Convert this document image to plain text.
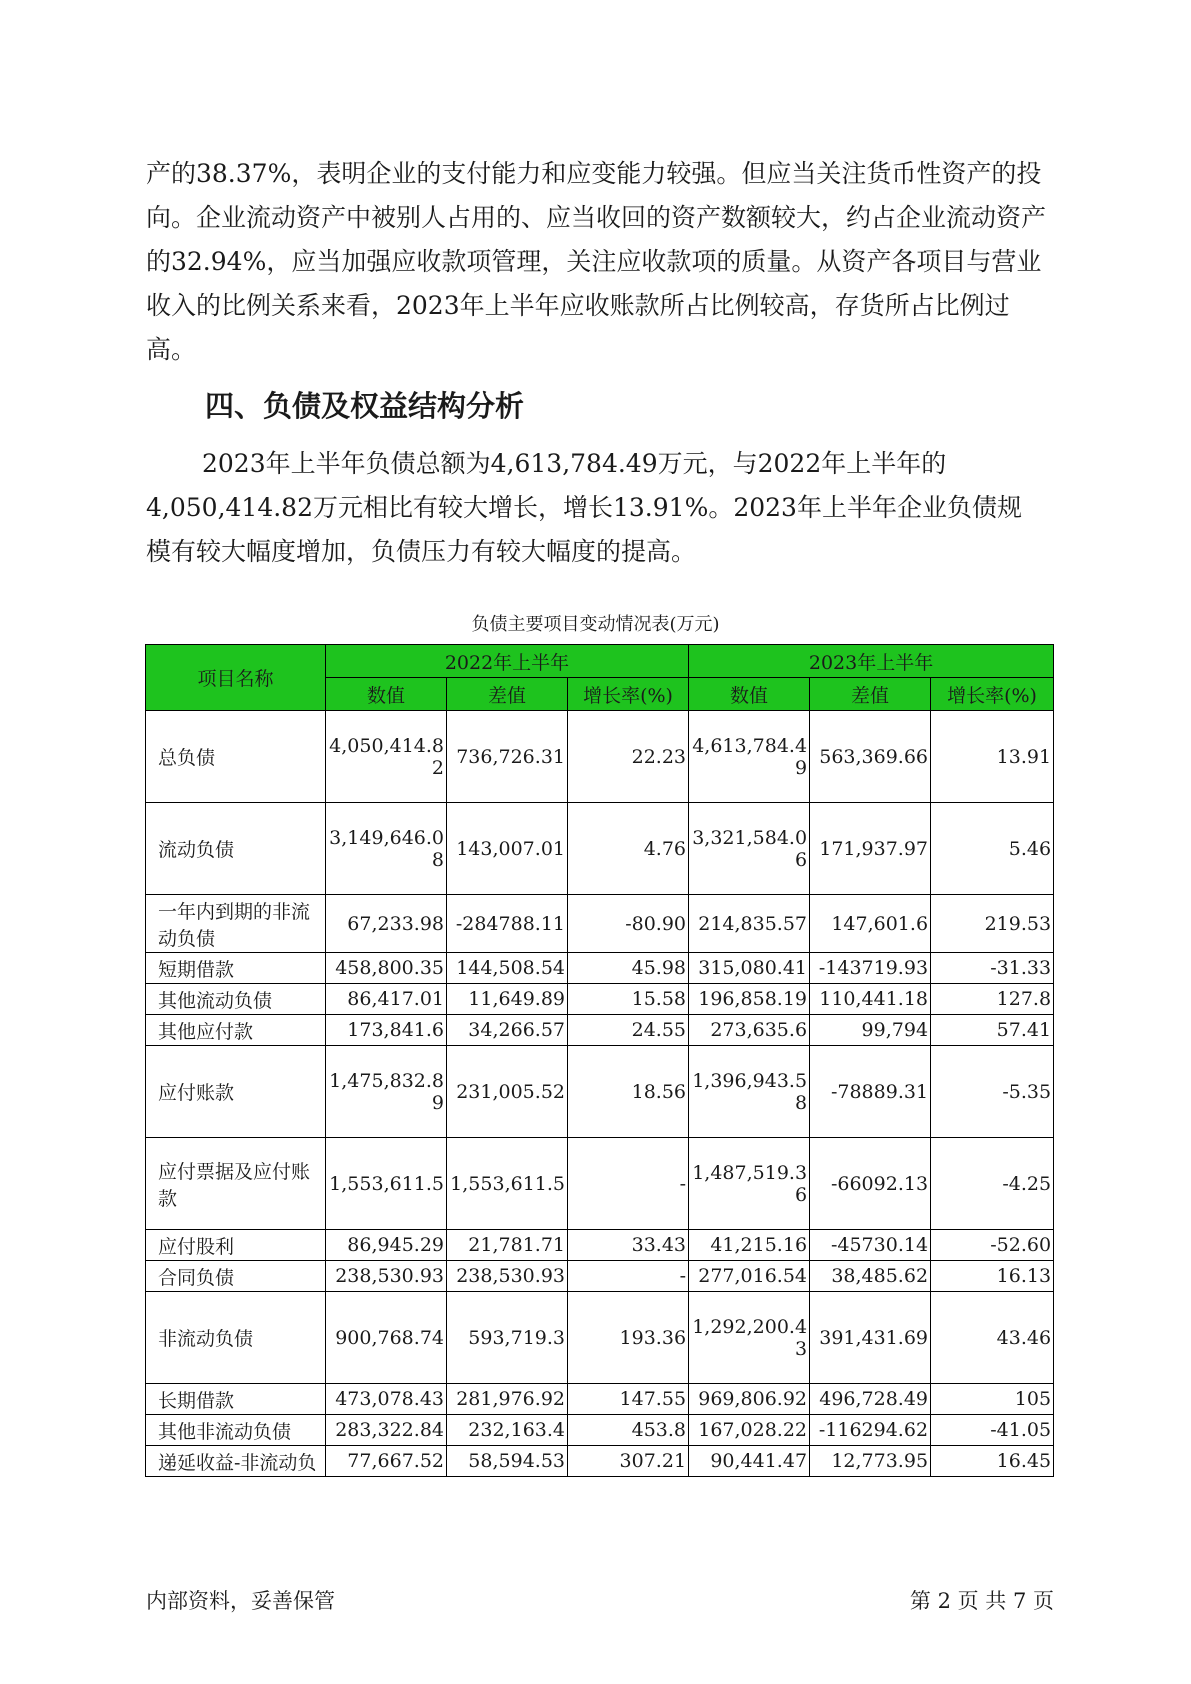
产的38.37%，表明企业的支付能力和应变能力较强。但应当关注货币性资产的投向。企业流动资产中被别人占用的、应当收回的资产数额较大，约占企业流动资产的32.94%，应当加强应收款项管理，关注应收款项的质量。从资产各项目与营业收入的比例关系来看，2023年上半年应收账款所占比例较高，存货所占比例过高。

四、负债及权益结构分析

2023年上半年负债总额为4,613,784.49万元，与2022年上半年的4,050,414.82万元相比有较大增长，增长13.91%。2023年上半年企业负债规模有较大幅度增加，负债压力有较大幅度的提高。

负债主要项目变动情况表(万元)

项目名称	2022年上半年			2023年上半年		
	数值	差值	增长率(%)	数值	差值	增长率(%)
总负债	4,050,414.82	736,726.31	22.23	4,613,784.49	563,369.66	13.91
流动负债	3,149,646.08	143,007.01	4.76	3,321,584.06	171,937.97	5.46
一年内到期的非流动负债	67,233.98	-284788.11	-80.90	214,835.57	147,601.6	219.53
短期借款	458,800.35	144,508.54	45.98	315,080.41	-143719.93	-31.33
其他流动负债	86,417.01	11,649.89	15.58	196,858.19	110,441.18	127.8
其他应付款	173,841.6	34,266.57	24.55	273,635.6	99,794	57.41
应付账款	1,475,832.89	231,005.52	18.56	1,396,943.58	-78889.31	-5.35
应付票据及应付账款	1,553,611.5	1,553,611.5	-	1,487,519.36	-66092.13	-4.25
应付股利	86,945.29	21,781.71	33.43	41,215.16	-45730.14	-52.60
合同负债	238,530.93	238,530.93	-	277,016.54	38,485.62	16.13
非流动负债	900,768.74	593,719.3	193.36	1,292,200.43	391,431.69	43.46
长期借款	473,078.43	281,976.92	147.55	969,806.92	496,728.49	105
其他非流动负债	283,322.84	232,163.4	453.8	167,028.22	-116294.62	-41.05
递延收益-非流动负	77,667.52	58,594.53	307.21	90,441.47	12,773.95	16.45

内部资料，妥善保管	第 2 页 共 7 页
